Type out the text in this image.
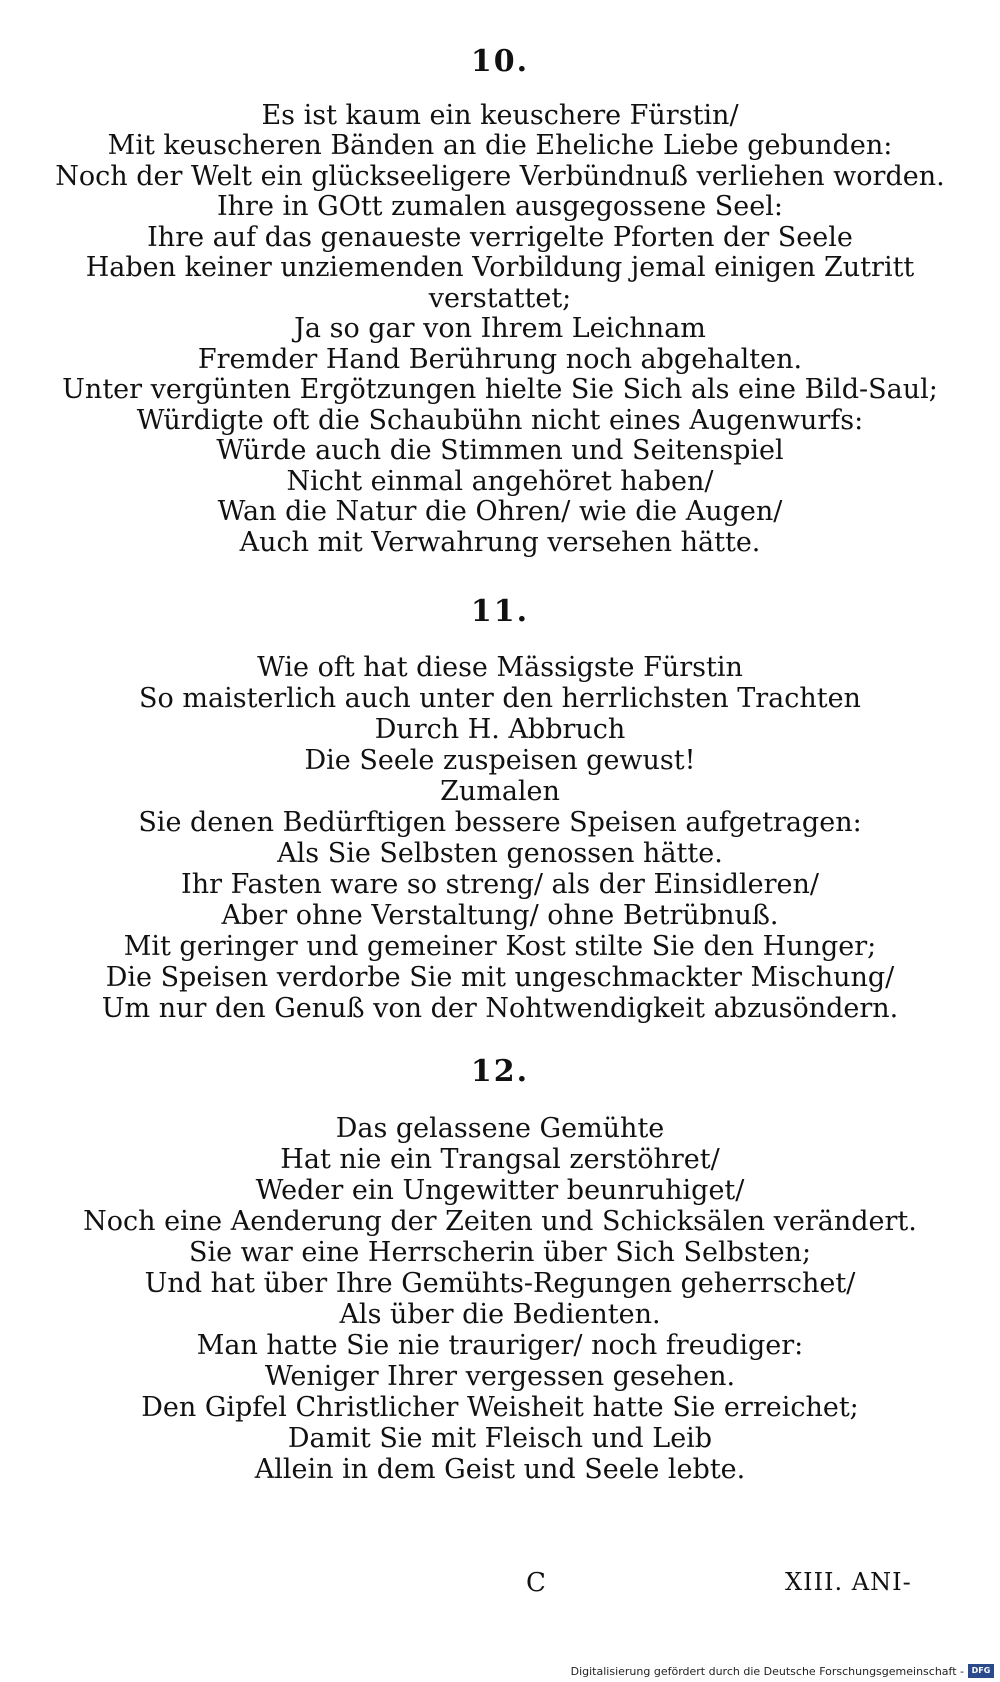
10.
Es ist kaum ein keuschere Fürstin/
Mit keuscheren Bänden an die Eheliche Liebe gebunden:
Noch der Welt ein glückseeligere Verbündnuß verliehen worden.
Ihre in GOtt zumalen ausgegossene Seel:
Ihre auf das genaueste verrigelte Pforten der Seele
Haben keiner unziemenden Vorbildung jemal einigen Zutritt
verstattet;
Ja so gar von Ihrem Leichnam
Fremder Hand Berührung noch abgehalten.
Unter vergünten Ergötzungen hielte Sie Sich als eine Bild-Saul;
Würdigte oft die Schaubühn nicht eines Augenwurfs:
Würde auch die Stimmen und Seitenspiel
Nicht einmal angehöret haben/
Wan die Natur die Ohren/ wie die Augen/
Auch mit Verwahrung versehen hätte.
11.
Wie oft hat diese Mässigste Fürstin
So maisterlich auch unter den herrlichsten Trachten
Durch H. Abbruch
Die Seele zuspeisen gewust!
Zumalen
Sie denen Bedürftigen bessere Speisen aufgetragen:
Als Sie Selbsten genossen hätte.
Ihr Fasten ware so streng/ als der Einsidleren/
Aber ohne Verstaltung/ ohne Betrübnuß.
Mit geringer und gemeiner Kost stilte Sie den Hunger;
Die Speisen verdorbe Sie mit ungeschmackter Mischung/
Um nur den Genuß von der Nohtwendigkeit abzusöndern.
12.
Das gelassene Gemühte
Hat nie ein Trangsal zerstöhret/
Weder ein Ungewitter beunruhiget/
Noch eine Aenderung der Zeiten und Schicksälen verändert.
Sie war eine Herrscherin über Sich Selbsten;
Und hat über Ihre Gemühts-Regungen geherrschet/
Als über die Bedienten.
Man hatte Sie nie trauriger/ noch freudiger:
Weniger Ihrer vergessen gesehen.
Den Gipfel Christlicher Weisheit hatte Sie erreichet;
Damit Sie mit Fleisch und Leib
Allein in dem Geist und Seele lebte.
C	XIII. ANI-
Digitalisierung gefördert durch die Deutsche Forschungsgemeinschaft - DFG
